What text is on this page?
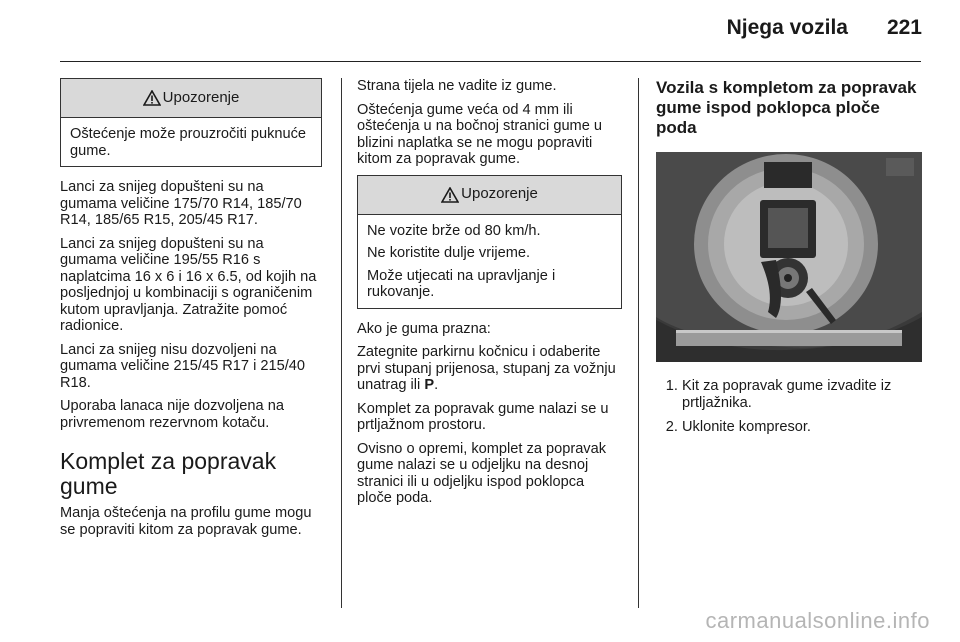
Njega vozila	221
Upozorenje

Oštećenje može prouzročiti puknuće gume.

Lanci za snijeg dopušteni su na gumama veličine 175/70 R14, 185/70 R14, 185/65 R15, 205/45 R17.

Lanci za snijeg dopušteni su na gumama veličine 195/55 R16 s naplatcima 16 x 6 i 16 x 6.5, od kojih na posljednjoj u kombinaciji s ograničenim kutom upravljanja. Zatražite pomoć radionice.

Lanci za snijeg nisu dozvoljeni na gumama veličine 215/45 R17 i 215/40 R18.

Uporaba lanaca nije dozvoljena na privremenom rezervnom kotaču.

Komplet za popravak gume

Manja oštećenja na profilu gume mogu se popraviti kitom za popravak gume.

Strana tijela ne vadite iz gume.

Oštećenja gume veća od 4 mm ili oštećenja u na bočnoj stranici gume u blizini naplatka se ne mogu popraviti kitom za popravak gume.

Upozorenje

Ne vozite brže od 80 km/h.

Ne koristite dulje vrijeme.

Može utjecati na upravljanje i rukovanje.

Ako je guma prazna:

Zategnite parkirnu kočnicu i odaberite prvi stupanj prijenosa, stupanj za vožnju unatrag ili P.

Komplet za popravak gume nalazi se u prtljažnom prostoru.

Ovisno o opremi, komplet za popravak gume nalazi se u odjeljku na desnoj stranici ili u odjeljku ispod poklopca ploče poda.

Vozila s kompletom za popravak gume ispod poklopca ploče poda
1. Kit za popravak gume izvadite iz prtljažnika.
2. Uklonite kompresor.
carmanualsonline.info
